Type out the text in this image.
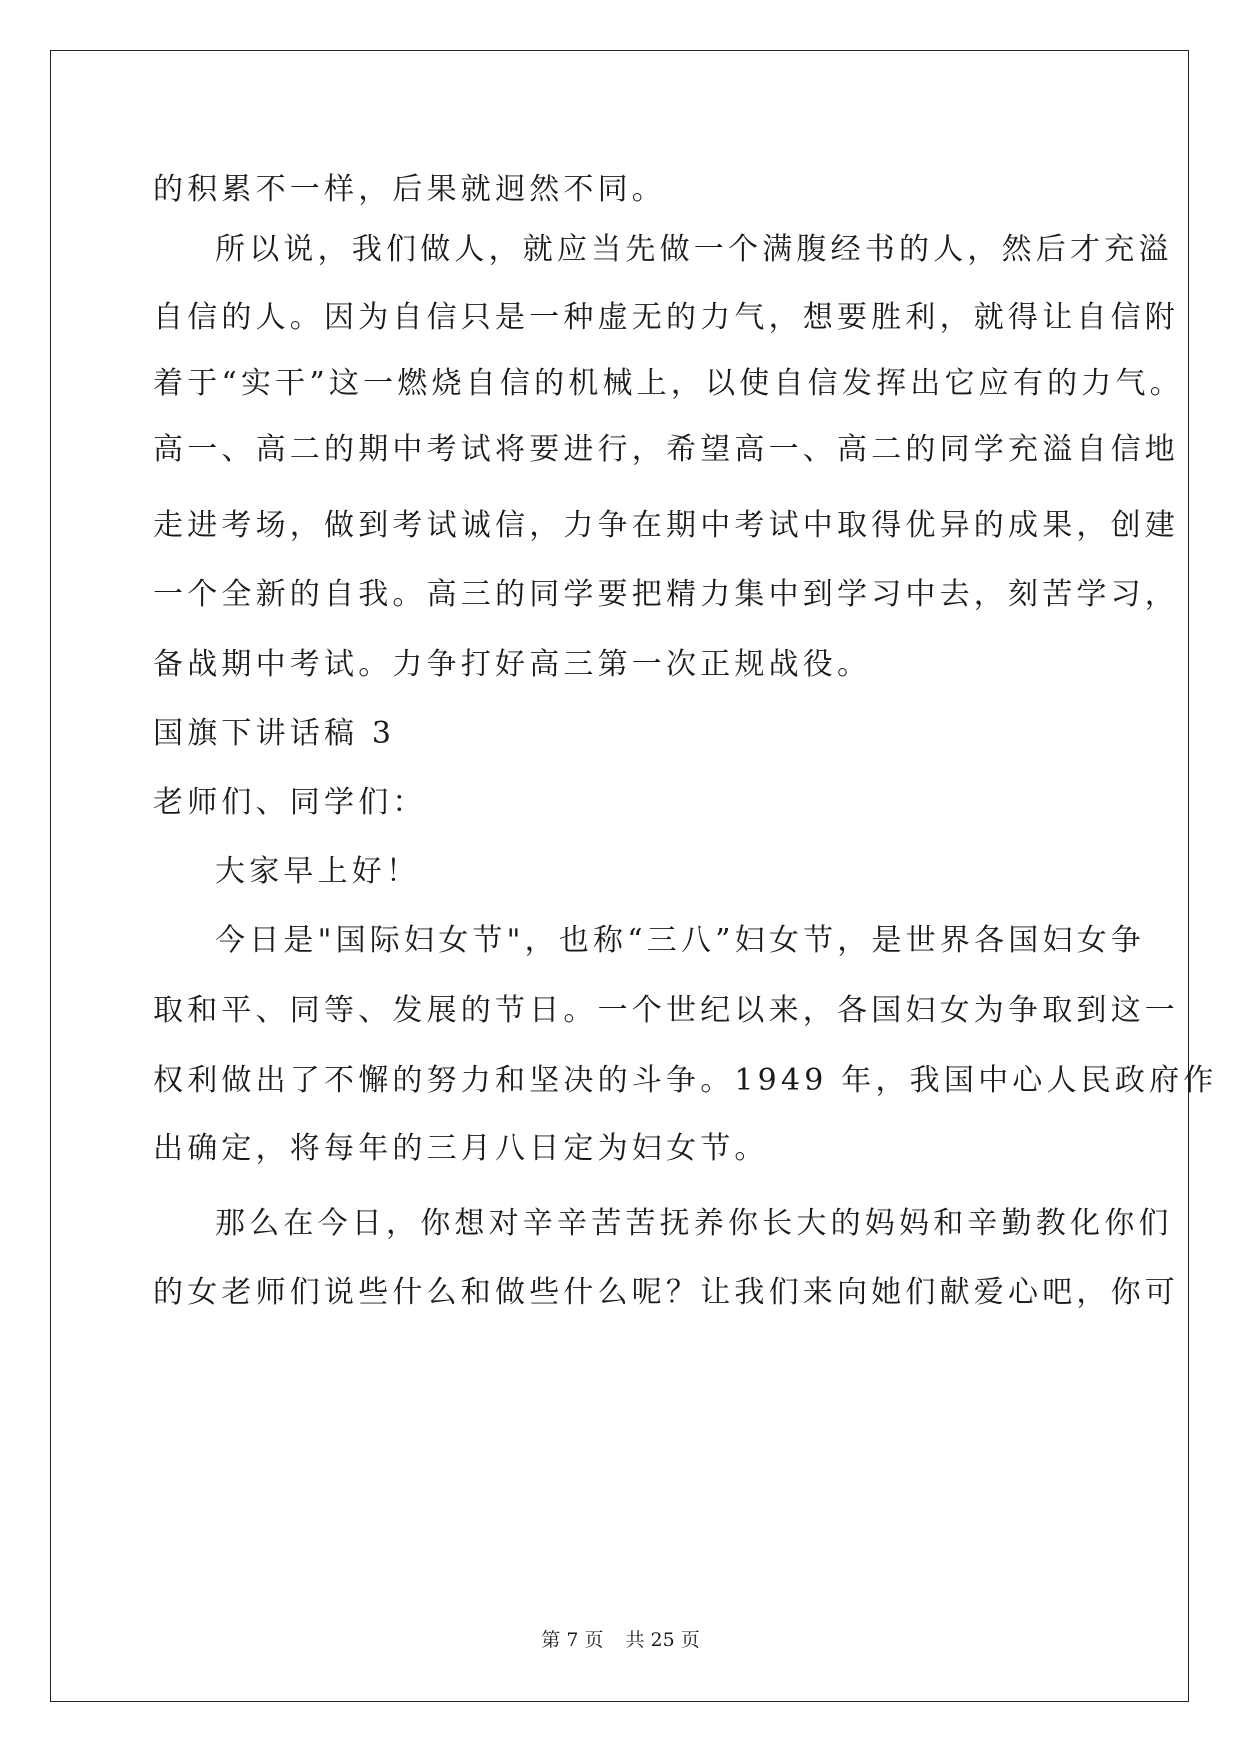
的积累不一样，后果就迥然不同。
所以说，我们做人，就应当先做一个满腹经书的人，然后才充溢
自信的人。因为自信只是一种虚无的力气，想要胜利，就得让自信附
着于“实干”这一燃烧自信的机械上，以使自信发挥出它应有的力气。
高一、高二的期中考试将要进行，希望高一、高二的同学充溢自信地
走进考场，做到考试诚信，力争在期中考试中取得优异的成果，创建
一个全新的自我。高三的同学要把精力集中到学习中去，刻苦学习，
备战期中考试。力争打好高三第一次正规战役。
国旗下讲话稿 3
老师们、同学们：
大家早上好！
今日是"国际妇女节"，也称“三八”妇女节，是世界各国妇女争
取和平、同等、发展的节日。一个世纪以来，各国妇女为争取到这一
权利做出了不懈的努力和坚决的斗争。1949 年，我国中心人民政府作
出确定，将每年的三月八日定为妇女节。
那么在今日，你想对辛辛苦苦抚养你长大的妈妈和辛勤教化你们
的女老师们说些什么和做些什么呢？让我们来向她们献爱心吧，你可
第 7 页 共 25 页
